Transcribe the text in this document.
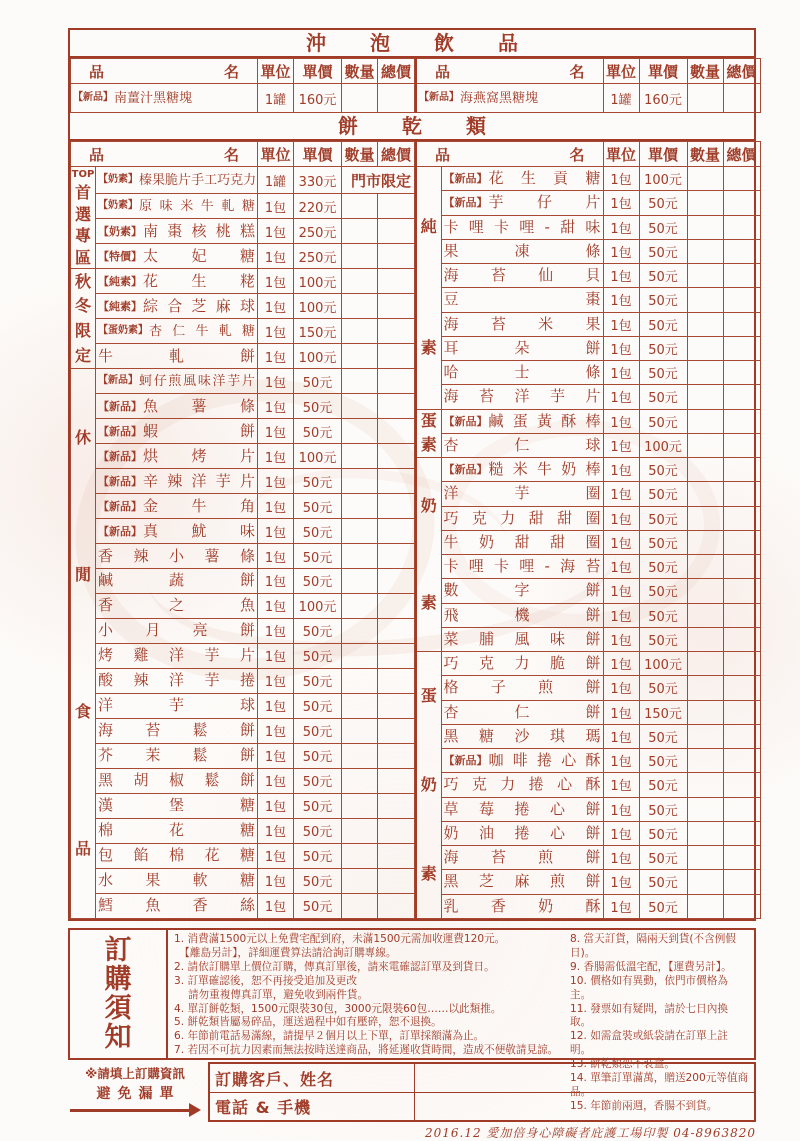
沖泡飲品
品 名	單位	單價	數量	總價

【新品】 南 薑 汁 黑 糖 塊	1罐	160元		
品 名	單位	單價	數量	總價

【新品】 海 燕 窩 黑 糖 塊	1罐	160元		
餅乾類
品 名		單位	單價	數量	總價

TOP
首
選
專
區

【奶素】 榛 果 脆 片 手 工 巧 克 力	1罐	330元	門 市 限 定

【奶素】 原 味 米 牛 軋 糖	1包	220元		

【奶素】 南 棗 核 桃 糕	1包	250元		

	【特價】 太 妃 糖	1包	250元		

秋
冬
限
定	【純素】 花 生 粩	1包	100元		

【純素】 綜 合 芝 麻 球	1包	100元		

【蛋奶素】 杏 仁 牛 軋 糖	1包	150元		

	牛 軋 餅	1包	100元		

休
閒
食
品

【新品】 蚵 仔 煎 風 味 洋 芋 片	1包	50元		

	【新品】 魚 薯 條	1包	50元		

	【新品】 蝦 餅	1包	50元		

	【新品】 烘 烤 片	1包	100元		

【新品】 辛 辣 洋 芋 片	1包	50元		

	【新品】 金 牛 角	1包	50元		

	【新品】 真 魷 味	1包	50元		

	香 辣 小 薯 條	1包	50元		

	鹹 蔬 餅	1包	50元		

	香 之 魚	1包	100元		

	小 月 亮 餅	1包	50元		

	烤 雞 洋 芋 片	1包	50元		

	酸 辣 洋 芋 捲	1包	50元		

	洋 芋 球	1包	50元		

	海 苔 鬆 餅	1包	50元		

	芥 茉 鬆 餅	1包	50元		

	黑 胡 椒 鬆 餅	1包	50元		

	漢 堡 糖	1包	50元		

	棉 花 糖	1包	50元		

	包 餡 棉 花 糖	1包	50元		

	水 果 軟 糖	1包	50元		

	鱈 魚 香 絲	1包	50元		
品 名		單位	單價	數量	總價

純
素	【新品】 花 生 貢 糖	1包	100元		

	【新品】 芋 仔 片	1包	50元		

卡 哩 卡 哩 - 甜 味	1包	50元		

	果 凍 條	1包	50元		

	海 苔 仙 貝	1包	50元		

	豆 棗	1包	50元		

	海 苔 米 果	1包	50元		

	耳 朵 餅	1包	50元		

	哈 士 條	1包	50元		

	海 苔 洋 芋 片	1包	50元		

蛋
素

【新品】 鹹 蛋 黃 酥 棒	1包	50元		

	杏 仁 球	1包	100元		

奶
素

【新品】 糙 米 牛 奶 棒	1包	50元		

	洋 芋 圈	1包	50元		

巧 克 力 甜 甜 圈	1包	50元		

	牛 奶 甜 甜 圈	1包	50元		

卡 哩 卡 哩 - 海 苔	1包	50元		

	數 字 餅	1包	50元		

	飛 機 餅	1包	50元		

	菜 脯 風 味 餅	1包	50元		

蛋
奶
素	巧 克 力 脆 餅	1包	100元		

	格 子 煎 餅	1包	50元		

	杏 仁 餅	1包	150元		

	黑 糖 沙 琪 瑪	1包	50元		

【新品】 咖 啡 捲 心 酥	1包	50元		

巧 克 力 捲 心 酥	1包	50元		

	草 莓 捲 心 餅	1包	50元		

	奶 油 捲 心 餅	1包	50元		

	海 苔 煎 餅	1包	50元		

	黑 芝 麻 煎 餅	1包	50元		

	乳 香 奶 酥	1包	50元		
訂
購
須
知
1. 消費滿1500元以上免費宅配到府，未滿1500元需加收運費120元。
　【離島另計】，詳細運費算法請洽詢訂購專線。
2. 請依訂購單上價位訂購，傳真訂單後，請來電確認訂單及到貨日。
3. 訂單確認後，恕不再接受追加及更改
　 請勿重複傳真訂單，避免收到兩件貨。
4. 單訂餅乾類，1500元限裝30包，3000元限裝60包……以此類推。
5. 餅乾類皆屬易碎品，運送過程中如有壓碎，恕不退換。
6. 年節前電話易滿線，請提早２個月以上下單，訂單採額滿為止。
7. 若因不可抗力因素而無法按時送達商品，將延遲收貨時間，造成不便敬請見諒。
8. 當天訂貨，隔兩天到貨(不含例假日)。
9. 香腸需低溫宅配，【運費另計】。
10. 價格如有異動，依門市價格為主。
11. 發票如有疑問，請於七日內換取。
12. 如需盒裝或紙袋請在訂單上註明。
13. 餅乾類恕不裝盒。
14. 單筆訂單滿萬，贈送200元等值商品。
15. 年節前兩週，香腸不到貨。
※請填上訂購資訊
避免漏單
訂購客戶、姓名
電話 & 手機
2016.12 愛加倍身心障礙者庇護工場印製 04-8963820
